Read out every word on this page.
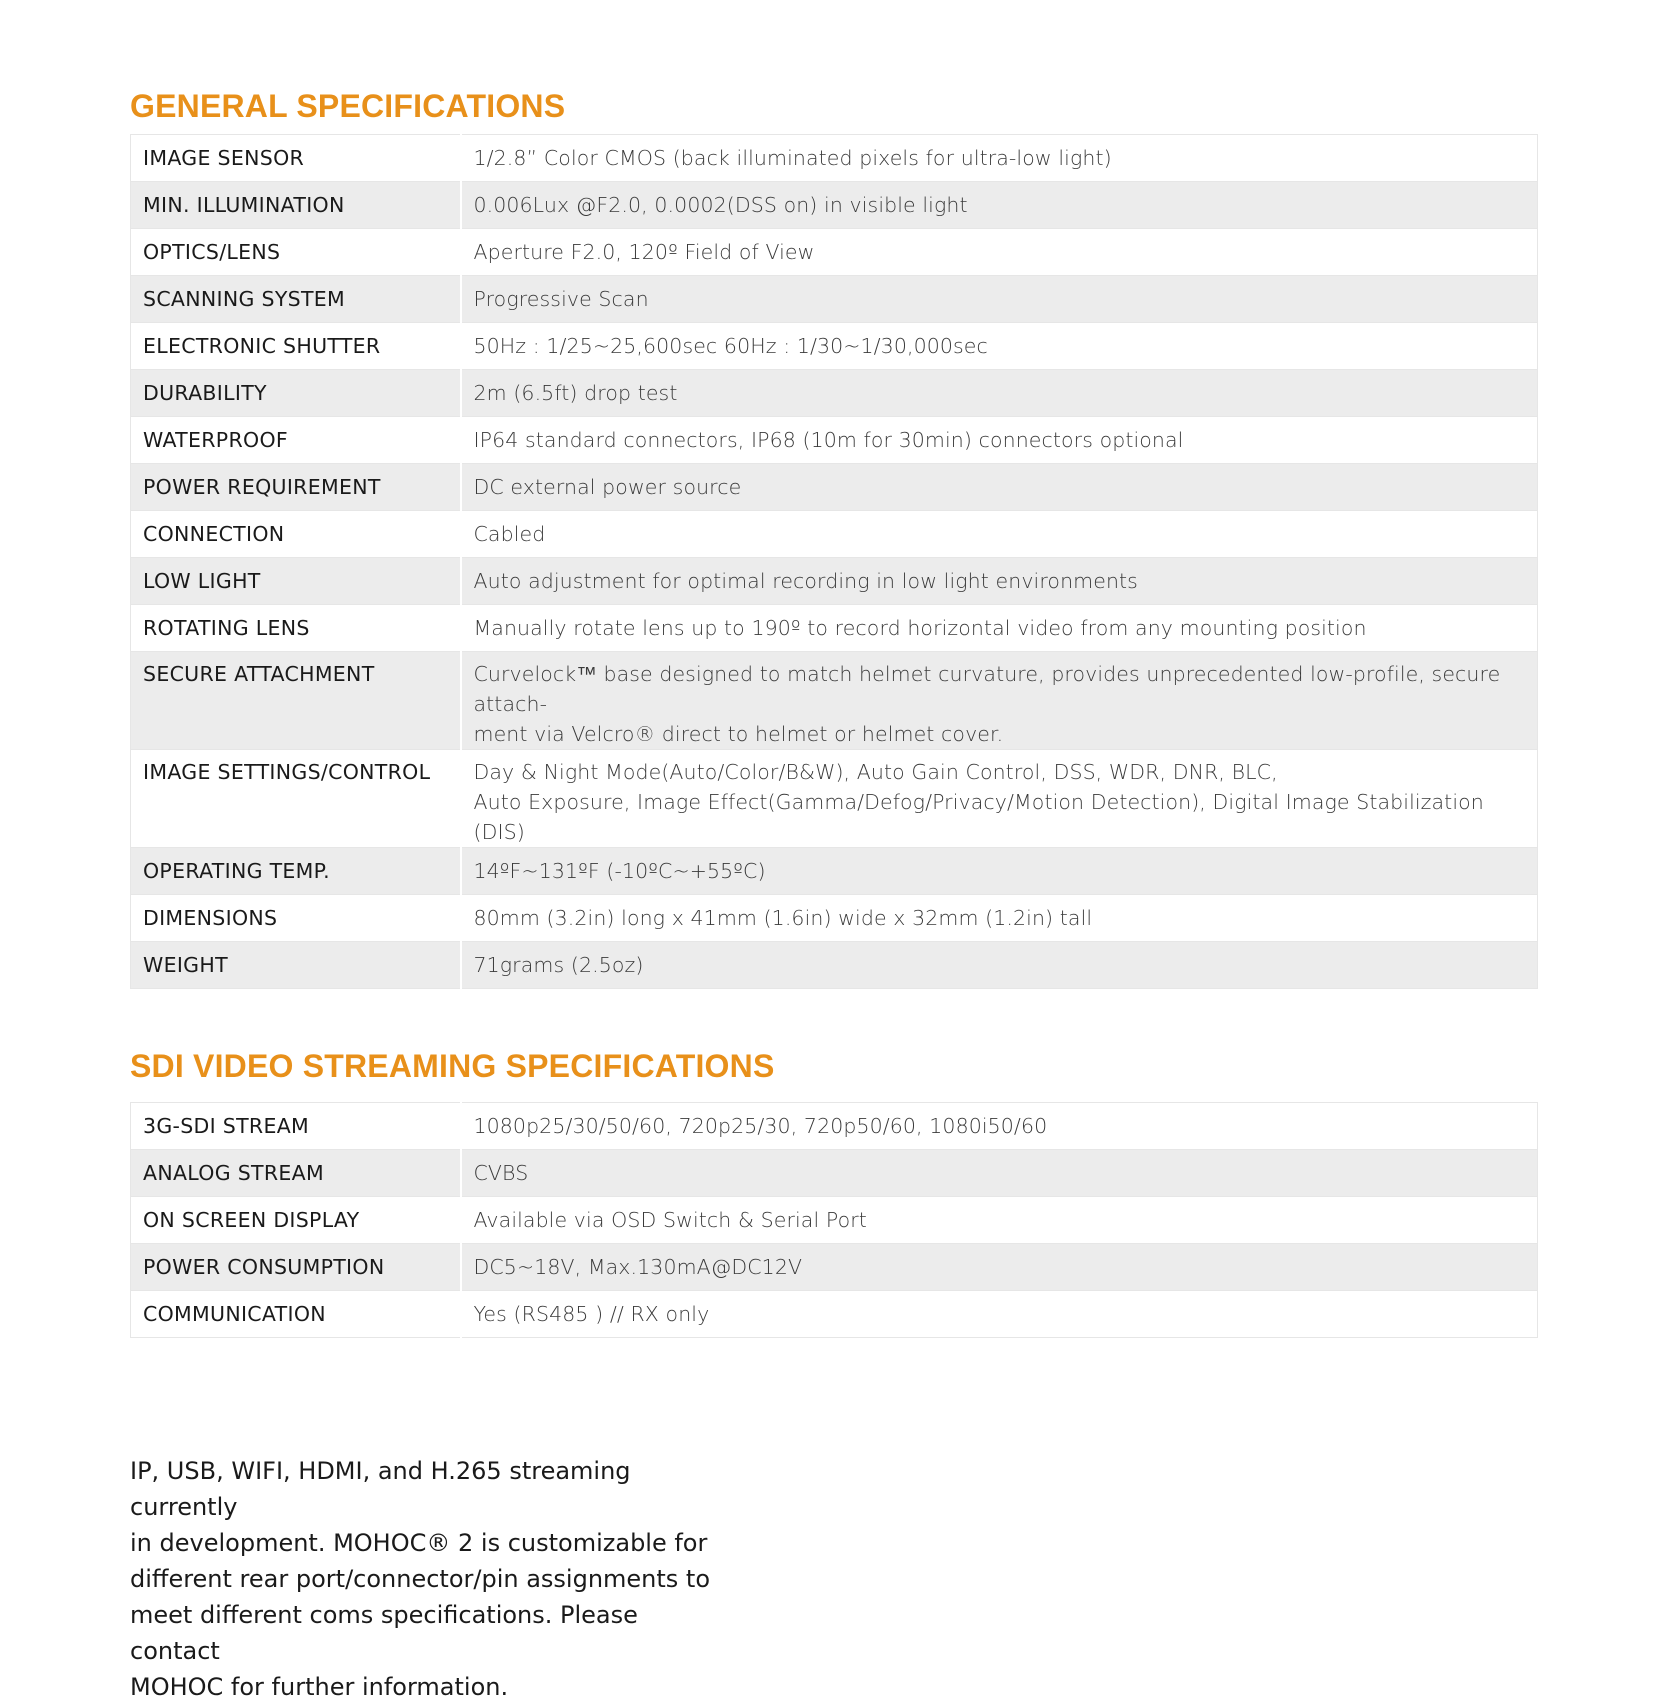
GENERAL SPECIFICATIONS
IMAGE SENSOR	1/2.8” Color CMOS (back illuminated pixels for ultra-low light)
MIN. ILLUMINATION	0.006Lux @F2.0, 0.0002(DSS on) in visible light
OPTICS/LENS	Aperture F2.0, 120º Field of View
SCANNING SYSTEM	Progressive Scan
ELECTRONIC SHUTTER	50Hz : 1/25~25,600sec 60Hz : 1/30~1/30,000sec
DURABILITY	2m (6.5ft) drop test
WATERPROOF	IP64 standard connectors, IP68 (10m for 30min) connectors optional
POWER REQUIREMENT	DC external power source
CONNECTION	Cabled
LOW LIGHT	Auto adjustment for optimal recording in low light environments
ROTATING LENS	Manually rotate lens up to 190º to record horizontal video from any mounting position
SECURE ATTACHMENT	Curvelock™ base designed to match helmet curvature, provides unprecedented low-profile, secure attach-
ment via Velcro® direct to helmet or helmet cover.
IMAGE SETTINGS/CONTROL	Day & Night Mode(Auto/Color/B&W), Auto Gain Control, DSS, WDR, DNR, BLC,
Auto Exposure, Image Effect(Gamma/Defog/Privacy/Motion Detection), Digital Image Stabilization (DIS)
OPERATING TEMP.	14ºF~131ºF (-10ºC~+55ºC)
DIMENSIONS	80mm (3.2in) long x 41mm (1.6in) wide x 32mm (1.2in) tall
WEIGHT	71grams (2.5oz)
SDI VIDEO STREAMING SPECIFICATIONS
3G-SDI STREAM	1080p25/30/50/60, 720p25/30, 720p50/60, 1080i50/60
ANALOG STREAM	CVBS
ON SCREEN DISPLAY	Available via OSD Switch & Serial Port
POWER CONSUMPTION	DC5~18V, Max.130mA@DC12V
COMMUNICATION	Yes (RS485 ) // RX only

IP, USB, WIFI, HDMI, and H.265 streaming currently
in development. MOHOC® 2 is customizable for
different rear port/connector/pin assignments to
meet different coms specifications. Please contact
MOHOC for further information.
